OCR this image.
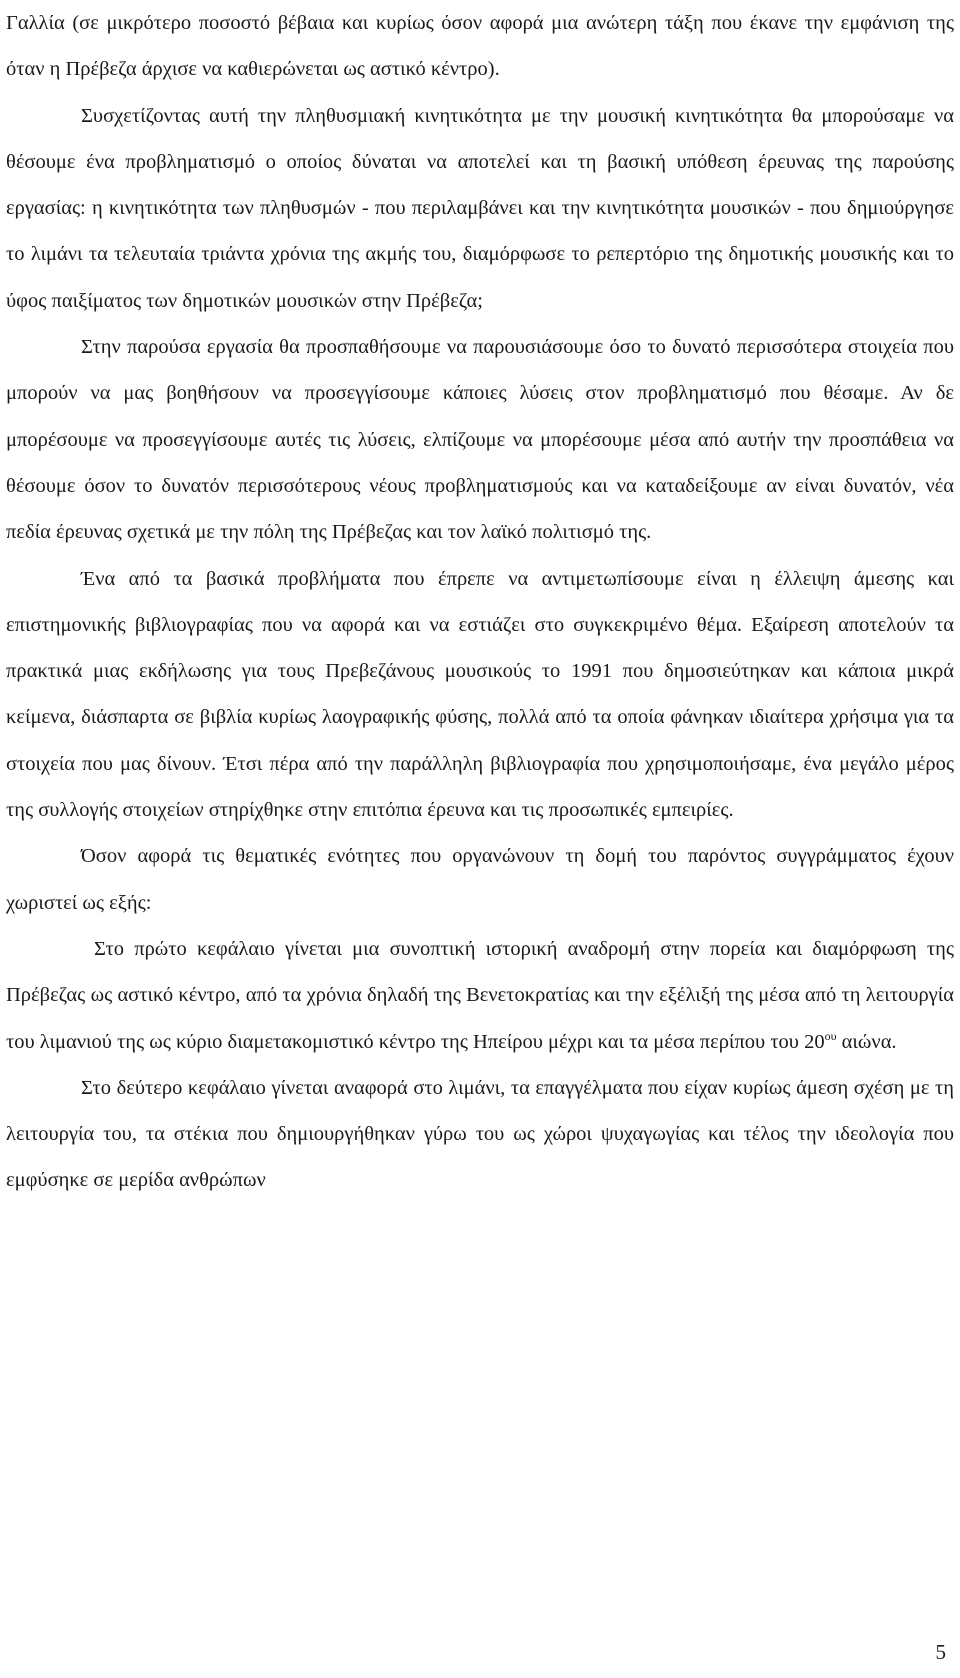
Γαλλία (σε μικρότερο ποσοστό βέβαια και κυρίως όσον αφορά μια ανώτερη τάξη που έκανε την εμφάνιση της όταν η Πρέβεζα άρχισε να καθιερώνεται ως αστικό κέντρο).

Συσχετίζοντας αυτή την πληθυσμιακή κινητικότητα με την μουσική κινητικότητα θα μπορούσαμε να θέσουμε ένα προβληματισμό ο οποίος δύναται να αποτελεί και τη βασική υπόθεση έρευνας της παρούσης εργασίας: η κινητικότητα των πληθυσμών - που περιλαμβάνει και την κινητικότητα μουσικών - που δημιούργησε το λιμάνι τα τελευταία τριάντα χρόνια της ακμής του, διαμόρφωσε το ρεπερτόριο της δημοτικής μουσικής και το ύφος παιξίματος των δημοτικών μουσικών στην Πρέβεζα;

Στην παρούσα εργασία θα προσπαθήσουμε να παρουσιάσουμε όσο το δυνατό περισσότερα στοιχεία που μπορούν να μας βοηθήσουν να προσεγγίσουμε κάποιες λύσεις στον προβληματισμό που θέσαμε. Αν δε μπορέσουμε να προσεγγίσουμε αυτές τις λύσεις, ελπίζουμε να μπορέσουμε μέσα από αυτήν την προσπάθεια να θέσουμε όσον το δυνατόν περισσότερους νέους προβληματισμούς και να καταδείξουμε αν είναι δυνατόν, νέα πεδία έρευνας σχετικά με την πόλη της Πρέβεζας και τον λαϊκό πολιτισμό της.

Ένα από τα βασικά προβλήματα που έπρεπε να αντιμετωπίσουμε είναι η έλλειψη άμεσης και επιστημονικής βιβλιογραφίας που να αφορά και να εστιάζει στο συγκεκριμένο θέμα. Εξαίρεση αποτελούν τα πρακτικά μιας εκδήλωσης για τους Πρεβεζάνους μουσικούς το 1991 που δημοσιεύτηκαν και κάποια μικρά κείμενα, διάσπαρτα σε βιβλία κυρίως λαογραφικής φύσης, πολλά από τα οποία φάνηκαν ιδιαίτερα χρήσιμα για τα στοιχεία που μας δίνουν. Έτσι πέρα από την παράλληλη βιβλιογραφία που χρησιμοποιήσαμε, ένα μεγάλο μέρος της συλλογής στοιχείων στηρίχθηκε στην επιτόπια έρευνα και τις προσωπικές εμπειρίες.

Όσον αφορά τις θεματικές ενότητες που οργανώνουν τη δομή του παρόντος συγγράμματος έχουν χωριστεί ως εξής:

Στο πρώτο κεφάλαιο γίνεται μια συνοπτική ιστορική αναδρομή στην πορεία και διαμόρφωση της Πρέβεζας ως αστικό κέντρο, από τα χρόνια δηλαδή της Βενετοκρατίας και την εξέλιξή της μέσα από τη λειτουργία του λιμανιού της ως κύριο διαμετακομιστικό κέντρο της Ηπείρου μέχρι και τα μέσα περίπου του $20^{o\upsilon}$ αιώνα.

Στο δεύτερο κεφάλαιο γίνεται αναφορά στο λιμάνι, τα επαγγέλματα που είχαν κυρίως άμεση σχέση με τη λειτουργία του, τα στέκια που δημιουργήθηκαν γύρω του ως χώροι ψυχαγωγίας και τέλος την ιδεολογία που εμφύσηκε σε μερίδα ανθρώπων

5
